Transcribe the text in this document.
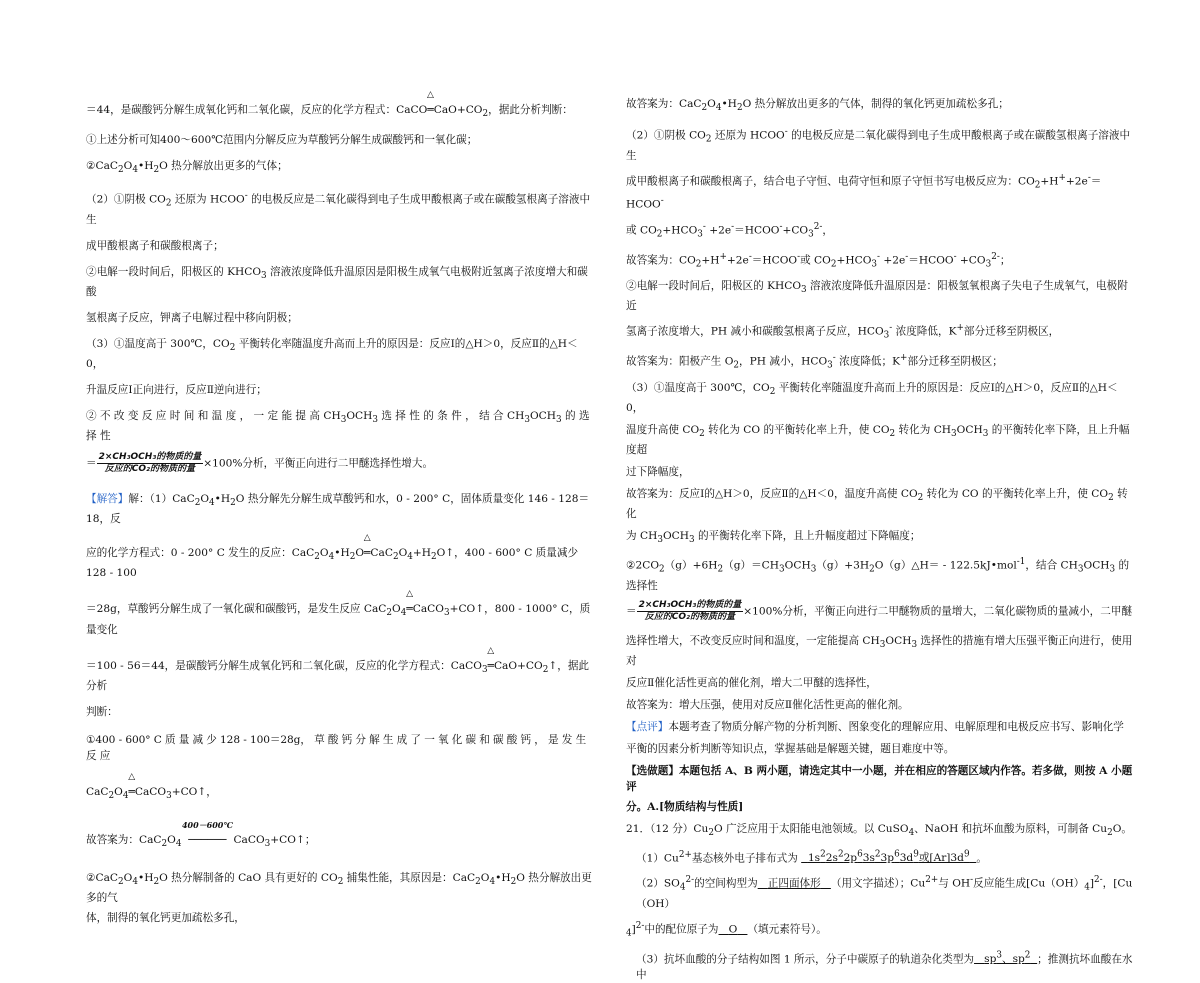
＝44，是碳酸钙分解生成氧化钙和二氧化碳，反应的化学方程式：CaCO
△
$═CaO+CO_2$，据此分析判断：

①上述分析可知400～600℃范围内分解反应为草酸钙分解生成碳酸钙和一氧化碳；

$②CaC_2O_4•H_2O$ 热分解放出更多的气体；

（2）①阴极 $CO_2$ 还原为 HCOO- 的电极反应是二氧化碳得到电子生成甲酸根离子或在碳酸氢根离子溶液中生

成甲酸根离子和碳酸根离子；

②电解一段时间后，阳极区的 $KHCO_3$ 溶液浓度降低升温原因是阳极生成氧气电极附近氢离子浓度增大和碳酸

氢根离子反应，钾离子电解过程中移向阴极；

（3）①温度高于 300℃，$CO_2$ 平衡转化率随温度升高而上升的原因是：反应Ⅰ的△H＞0，反应Ⅱ的△H＜0，

升温反应Ⅰ正向进行，反应Ⅱ逆向进行；

② 不 改 变 反 应 时 间 和 温 度 ， 一 定 能 提 高 $CH_3OCH_3$ 选 择 性 的 条 件 ， 结 合 $CH_3OCH_3$ 的 选 择 性

＝ $\frac{\text{2×CH₃OCH₃的物质的量}}{\text{反应的CO₂的物质的量}} \times 100\%$分析，平衡正向进行二甲醚选择性增大。

【解答】解：$(1)CaC_2O_4•H_2O$ 热分解先分解生成草酸钙和水，0 - 200° C，固体质量变化 146 - 128＝18，反

应的化学方程式：0 - 200° C 发生的反应：$CaC_2O_4•H_2O$
△
$═CaC_2O_4+H_2O↑$，400 - 600° C 质量减少 128 - 100

＝28g，草酸钙分解生成了一氧化碳和碳酸钙，是发生反应 $CaC_2O_4$
△
═CaCO$_3$+CO↑，800 - 1000° C，质量变化

＝100 - 56＝44，是碳酸钙分解生成氧化钙和二氧化碳，反应的化学方程式：CaCO$_3$
△
$═CaO+CO_2↑$，据此分析

判断：

①400 - 600° C 质 量 减 少 128 - 100＝28g， 草 酸 钙 分 解 生 成 了 一 氧 化 碳 和 碳 酸 钙 ， 是 发 生 反 应

$CaC_2O_4$
△
═CaCO$_3$+CO↑，

故答案为：$CaC_2O_4$
400－600℃
────── CaCO$_3$+CO↑；

$②CaC_2O_4•H_2O$ 热分解制备的 CaO 具有更好的 $CO_2$ 捕集性能，其原因是：$CaC_2O_4•H_2O$ 热分解放出更多的气

体，制得的氧化钙更加疏松多孔，

故答案为：$CaC_2O_4•H_2O$ 热分解放出更多的气体，制得的氧化钙更加疏松多孔；

（2）①阴极 $CO_2$ 还原为 HCOO- 的电极反应是二氧化碳得到电子生成甲酸根离子或在碳酸氢根离子溶液中生

成甲酸根离子和碳酸根离子，结合电子守恒、电荷守恒和原子守恒书写电极反应为：$CO_2+H^++2e^-=HCOO^-$

或 $CO_2+HCO_3^-$ $+2e^-=HCOO^-+CO_3^{2-}$，

故答案为：$CO_2+H^++2e^-=HCOO^-$或 $CO_2+HCO_3^-$ +2e-＝HCOO- $+CO_3^{2-}$；

②电解一段时间后，阳极区的 $KHCO_3$ 溶液浓度降低升温原因是：阳极氢氧根离子失电子生成氧气，电极附近

氢离子浓度增大，PH 减小和碳酸氢根离子反应，$HCO_3^-$ 浓度降低，K+部分迁移至阴极区，

故答案为：阳极产生 $O_2$，PH 减小，$HCO_3^-$ 浓度降低；K+部分迁移至阴极区；

（3）①温度高于 300℃，$CO_2$ 平衡转化率随温度升高而上升的原因是：反应Ⅰ的△H＞0，反应Ⅱ的△H＜0，

温度升高使 $CO_2$ 转化为 CO 的平衡转化率上升，使 $CO_2$ 转化为 $CH_3OCH_3$ 的平衡转化率下降，且上升幅度超

过下降幅度，

故答案为：反应Ⅰ的△H＞0，反应Ⅱ的△H＜0，温度升高使 $CO_2$ 转化为 CO 的平衡转化率上升，使 $CO_2$ 转化

为 $CH_3OCH_3$ 的平衡转化率下降，且上升幅度超过下降幅度；

$②2CO_2(g)+6H_2(g)=CH_3OCH_3(g)+3H_2O(g)\triangle H=$ - 122.5kJ•mol$^{-1}$，结合 $CH_3OCH_3$ 的选择性

＝ $\frac{\text{2×CH₃OCH₃的物质的量}}{\text{反应的CO₂的物质的量}} \times 100\%$分析，平衡正向进行二甲醚物质的量增大，二氧化碳物质的量减小，二甲醚

选择性增大，不改变反应时间和温度，一定能提高 $CH_3OCH_3$ 选择性的措施有增大压强平衡正向进行，使用对

反应Ⅱ催化活性更高的催化剂，增大二甲醚的选择性，

故答案为：增大压强，使用对反应Ⅱ催化活性更高的催化剂。

【点评】本题考查了物质分解产物的分析判断、图象变化的理解应用、电解原理和电极反应书写、影响化学

平衡的因素分析判断等知识点，掌握基础是解题关键，题目难度中等。

【选做题】本题包括 A、B 两小题，请选定其中一小题，并在相应的答题区域内作答。若多做，则按 A 小题评

分。A.[物质结构与性质]

21．（12 分）$Cu_2O$ 广泛应用于太阳能电池领域。以 CuSO$_4$、NaOH 和抗坏血酸为原料，可制备 $Cu_2O$。

$(1)Cu^{2+}$基态核外电子排布式为 $1s^22s^22p^63s^23p^63d^9$或$[Ar]3d^9$ 。

$(2)SO_4^{2-}$的空间构型为 正四面体形 （用文字描述）；$Cu^{2+}$与 OH-反应能生成$[Cu(OH)_4]^{2-}$，[Cu（OH）

$_4$]$^{2-}$中的配位原子为 O （填元素符号）。

（3）抗坏血酸的分子结构如图 1 所示，分子中碳原子的轨道杂化类型为 $sp^3$、$sp^2$ ；推测抗坏血酸在水中
